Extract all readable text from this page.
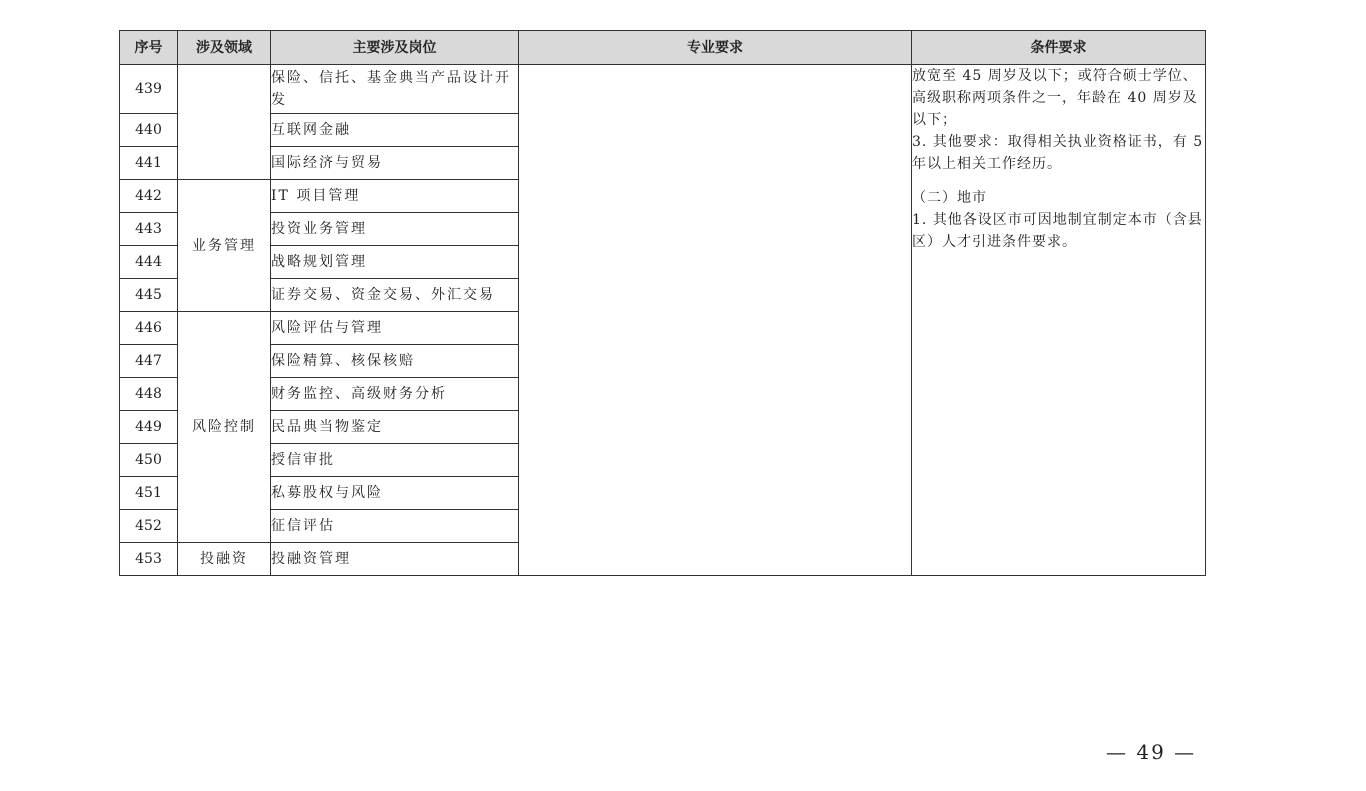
序号	涉及领域	主要涉及岗位	专业要求	条件要求
439		保险、信托、基金典当产品设计开发		放宽至 45 周岁及以下；或符合硕士学位、高级职称两项条件之一，年龄在 40 周岁及以下；

3. 其他要求：取得相关执业资格证书，有 5 年以上相关工作经历。

（二）地市

1. 其他各设区市可因地制宜制定本市（含县区）人才引进条件要求。

440		互联网金融		
441		国际经济与贸易		
442	业务管理	IT 项目管理		
443		投资业务管理		
444		战略规划管理		
445		证券交易、资金交易、外汇交易		
446	风险控制	风险评估与管理		
447		保险精算、核保核赔		
448		财务监控、高级财务分析		
449		民品典当物鉴定		
450		授信审批		
451		私募股权与风险		
452		征信评估		
453	投融资	投融资管理		
— 49 —
